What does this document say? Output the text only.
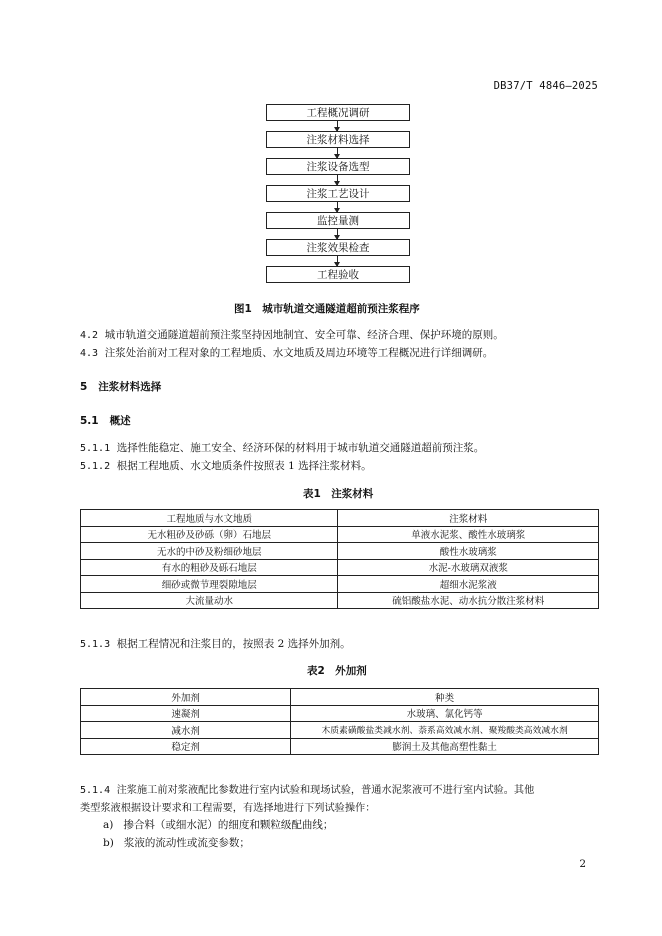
DB37/T 4846—2025
工程概况调研
注浆材料选择
注浆设备选型
注浆工艺设计
监控量测
注浆效果检查
工程验收
图1　城市轨道交通隧道超前预注浆程序
4.2 城市轨道交通隧道超前预注浆坚持因地制宜、安全可靠、经济合理、保护环境的原则。
4.3 注浆处治前对工程对象的工程地质、水文地质及周边环境等工程概况进行详细调研。
5 注浆材料选择
5.1 概述
5.1.1 选择性能稳定、施工安全、经济环保的材料用于城市轨道交通隧道超前预注浆。
5.1.2 根据工程地质、水文地质条件按照表 1 选择注浆材料。
表1　注浆材料
工程地质与水文地质	注浆材料
无水粗砂及砂砾（卵）石地层	单液水泥浆、酸性水玻璃浆
无水的中砂及粉细砂地层	酸性水玻璃浆
有水的粗砂及砾石地层	水泥-水玻璃双液浆
细砂或微节理裂隙地层	超细水泥浆液
大流量动水	硫铝酸盐水泥、动水抗分散注浆材料
5.1.3 根据工程情况和注浆目的，按照表 2 选择外加剂。
表2　外加剂
外加剂	种类
速凝剂	水玻璃、氯化钙等
减水剂	木质素磺酸盐类减水剂、萘系高效减水剂、聚羧酸类高效减水剂
稳定剂	膨润土及其他高塑性黏土
5.1.4 注浆施工前对浆液配比参数进行室内试验和现场试验，普通水泥浆液可不进行室内试验。其他
类型浆液根据设计要求和工程需要，有选择地进行下列试验操作：
a) 掺合料（或细水泥）的细度和颗粒级配曲线；
b) 浆液的流动性或流变参数；
2
